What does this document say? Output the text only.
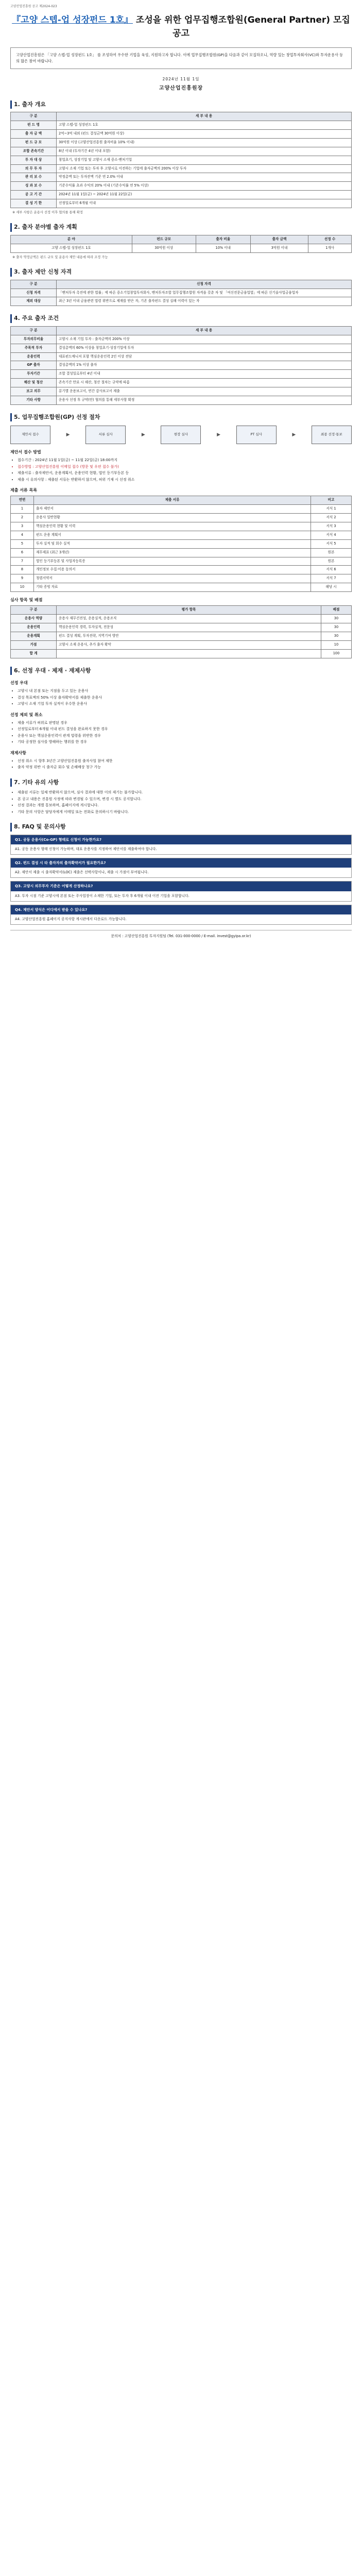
고양산업진흥원 공고 제2024-023
『고양 스텝-업 성장펀드 1호』 조성을 위한 업무집행조합원(General Partner) 모집 공고
고양산업진흥원은 「고양 스텝-업 성장펀드 1호」 를 조성하여 우수한 기업을 육성, 지원하고자 합니다. 이에 업무집행조합원(GP)을 다음과 같이 모집하오니, 역량 있는 창업투자회사(VC)와 투자운용사 등의 많은 참여 바랍니다.
2024년 11월 1일
고양산업진흥원장
1. 출자 개요
구 분	세 부 내 용
펀 드 명	고양 스텝-업 성장펀드 1호
출 자 금 액	2억~3억 내외 (펀드 결성금액 30억원 이상)
펀 드 규 모	30억원 이상 (고양산업진흥원 출자비율 10% 이내)
조합 존속기간	8년 이내 (투자기간 4년 이내 포함)
투 자 대 상	창업초기, 성장기업 및 고양시 소재 중소·벤처기업
의 무 투 자	고양시 소재 기업 또는 투자 후 고양시로 이전하는 기업에 출자금액의 200% 이상 투자
관 리 보 수	약정총액 또는 투자잔액 기준 연 2.0% 이내
성 과 보 수	기준수익률 초과 수익의 20% 이내 (기준수익률 연 5% 이상)
공 고 기 간	2024년 11월 1일(금) ~ 2024년 11월 22일(금)
결 성 기 한	선정일로부터 6개월 이내
※ 세부 사항은 운용사 선정 이후 협의를 통해 확정
2. 출자 분야별 출자 계획
분 야	펀드 규모	출자 비율	출자 금액	선정 수
고양 스텝-업 성장펀드 1호	30억원 이상	10% 이내	3억원 이내	1개사
※ 출자 약정금액은 펀드 규모 및 운용사 제안 내용에 따라 조정 가능
3. 출자 제안 신청 자격
구 분	신청 자격
신청 자격	「벤처투자 촉진에 관한 법률」에 따른 중소기업창업투자회사, 벤처투자조합 업무집행조합원 자격을 갖춘 자 및 「여신전문금융업법」에 따른 신기술사업금융업자
제외 대상	최근 3년 이내 금융관련 법령 위반으로 제재를 받은 자, 기존 출자펀드 결성 실패 이력이 있는 자
4. 주요 출자 조건
구 분	세 부 내 용
투자의무비율	고양시 소재 기업 투자 : 출자금액의 200% 이상
주목적 투자	결성총액의 60% 이상을 창업초기·성장기업에 투자
운용인력	대표펀드매니저 포함 핵심운용인력 2인 이상 전담
GP 출자	결성총액의 1% 이상 출자
투자기간	조합 결성일로부터 4년 이내
해산 및 청산	존속기간 만료 시 해산, 청산 절차는 규약에 따름
보고 의무	분기별 운용보고서, 연간 감사보고서 제출
기타 사항	운용사 선정 후 규약(안) 협의를 통해 세부사항 확정
5. 업무집행조합원(GP) 선정 절차
제안서 접수	▶	서류 심사	▶	현장 실사	▶	PT 심사	▶	최종 선정·통보
제안서 접수 방법
• 접수기간 : 2024년 11월 1일(금) ~ 11월 22일(금) 18:00까지
• 접수방법 : 고양산업진흥원 이메일 접수 (방문 및 우편 접수 불가)
• 제출서류 : 출자제안서, 운용계획서, 운용인력 현황, 법인 등기부등본 등
• 제출 시 유의사항 : 제출된 서류는 반환하지 않으며, 허위 기재 시 선정 취소
제출 서류 목록
연번	제출 서류	비고
1	출자 제안서	서식 1
2	운용사 일반현황	서식 2
3	핵심운용인력 현황 및 이력	서식 3
4	펀드 운용 계획서	서식 4
5	투자 실적 및 회수 실적	서식 5
6	재무제표 (최근 3개년)	원본
7	법인 등기부등본 및 사업자등록증	원본
8	개인정보 수집·이용 동의서	서식 6
9	청렴서약서	서식 7
10	기타 증빙 자료	해당 시
심사 항목 및 배점
구 분	평가 항목	배점
운용사 역량	운용사 재무건전성, 운용실적, 운용조직	30
운용인력	핵심운용인력 경력, 투자실적, 전문성	30
운용계획	펀드 결성 계획, 투자전략, 지역기여 방안	30
가점	고양시 소재 운용사, 추가 출자 확약	10
합 계		100
6. 선정 우대 · 제재 · 재제사항
선정 우대
• 고양시 내 본점 또는 지점을 두고 있는 운용사
• 결성 목표액의 50% 이상 출자확약서를 제출한 운용사
• 고양시 소재 기업 투자 실적이 우수한 운용사
선정 제외 및 취소
• 제출 서류가 허위로 판명된 경우
• 선정일로부터 6개월 이내 펀드 결성을 완료하지 못한 경우
• 운용사 또는 핵심운용인력이 관계 법령을 위반한 경우
• 기타 공정한 심사를 방해하는 행위를 한 경우
재제사항
• 선정 취소 시 향후 3년간 고양산업진흥원 출자사업 참여 제한
• 출자 약정 위반 시 출자금 회수 및 손해배상 청구 가능
7. 기타 유의 사항
• 제출된 서류는 일체 반환하지 않으며, 심사 결과에 대한 이의 제기는 불가합니다.
• 본 공고 내용은 진흥원 사정에 따라 변경될 수 있으며, 변경 시 별도 공지합니다.
• 선정 결과는 개별 통보하며, 홈페이지에 게시합니다.
• 기타 문의 사항은 담당자에게 이메일 또는 전화로 문의하시기 바랍니다.
8. FAQ 및 문의사항
Q1. 공동 운용사(Co-GP) 형태로 신청이 가능한가요?
A1. 공동 운용사 형태 신청이 가능하며, 대표 운용사를 지정하여 제안서를 제출하여야 합니다.
Q2. 펀드 결성 시 타 출자자의 출자확약서가 필요한가요?
A2. 제안서 제출 시 출자확약서(LOC) 제출은 선택사항이나, 제출 시 가점이 부여됩니다.
Q3. 고양시 의무투자 기준은 어떻게 산정하나요?
A3. 투자 시점 기준 고양시에 본점 또는 주사업장이 소재한 기업, 또는 투자 후 6개월 이내 이전 기업을 포함합니다.
Q4. 제안서 양식은 어디에서 받을 수 있나요?
A4. 고양산업진흥원 홈페이지 공지사항 게시판에서 다운로드 가능합니다.
문의처 : 고양산업진흥원 투자지원팀 (Tel. 031-000-0000 / E-mail. invest@gyipa.or.kr)
